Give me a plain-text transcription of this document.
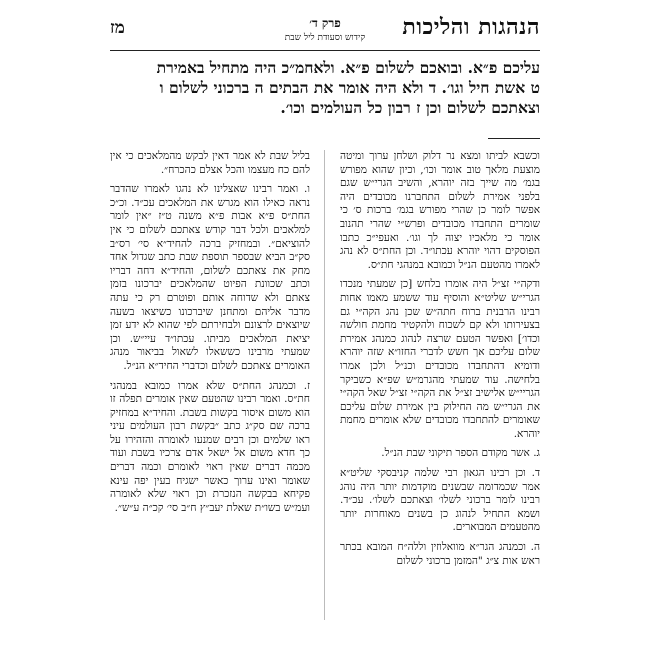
הנהגות והליכות
פרק ד׳
קידוש וסעודת ליל שבת
מז
עליכם פ״א. ובואכם לשלום פ״א. ולאחמ״כ היה מתחיל באמירת
ט אשת חיל וגו׳. ד ולא היה אומר את הבתים ה ברכוני לשלום ו
וצאתכם לשלום וכן ז רבון כל העולמים וכו׳.

וכשבא לביתו ומצא נר דלוק ושלחן ערוך ומיטה מוצעת מלאך טוב אומר וכו׳, וכיון שהוא מפורש בגמ׳ מה שייך בזה יוהרא, והשיב הגרי״ש שגם בלפני אמירת לשלום התחברנו מכובדים היה אפשר לומר כן שהרי מפורש בגמ׳ ברכות ס׳ כי שומרים התחבדו מכובדים ופרש״י שהרי תהנוב אומר כי מלאכיו יצוה לך וגו׳. ואעפי״כ כתבו הפוסקים דהוי יוהרא עכתו״ד. וכן החת״ס לא נהג לאמרו מהטעם הנ״ל וכמובא במנהגי חת״ס.

ודקה״י זצ״ל היה אומרו בלחש [כן שמעתי מנכדו הגרי״ש שליט״א והוסיף עוד ששמע מאמו אחות רבינו הרבנית ברוח חתה״ש שכן נהג הקה״י גם בצעירותו ולא קם לשכוח ולהקטיר מחמת חולשה וכדו׳] ואפשר הטעם שרצה לנהוג כמנהג אמירת שלום עליכם אך חשש לדברי החזו״א שזה יוהרא ודומיא דהתחבדו מכובדים וכנ״ל ולכן אמרו בלחישה. עוד שמעתי מהגרמ״ש שפ״א כשביקר הגריי״ש אלישיב זצ״ל את הקה״י זצ״ל שאל הקה״י את הגרי״ש מה החילוק בין אמירת שלום עליכם שאומרים להתחבדו מכובדים שלא אומרים מחמת יוהרא.

ג. אשר מקודם הספר תיקוני שבת הנ״ל.

ד. וכן רבינו הגאון רבי שלמה קניבסקי שליט״א אמר שכמדומה שבשנים מוקדמות יותר היה נוהג רבינו לומר ברכוני לשלו׳ וצאתכם לשלו׳. עכ״ד. ושמא התחיל לנהוג כן בשנים מאוחרות יותר מהטעמים המבוארים.

ה. וכמנהג הגר״א מוואלוזין וללה״ח המובא בכתר ראש אות צ״ג "המזמן ברכוני לשלום

בליל שבת לא אמר דאין לבקש מהמלאכים כי אין להם כח מעצמו והכל אצלם כהכרח״.

ו. ואמר רבינו שאצלינו לא נהגו לאמרו שהדבר נראה כאילו הוא מגרש את המלאכים עכ״ד. וכ״כ החת״ס פ״א אבות פ״א משנה ט״ז ״אין לומר למלאכים ולכל דבר קודש צאתכם לשלום כי אין להוציאם״. ובמחזיק ברכה להחיד״א סי׳ רס״ב סק״ב הביא שבספר תוספת שבת כתב שגדול אחד מחק את צאתכם לשלום, והחיד״א דחה דבריו וכתב שכוונת הפיוט שהמלאכים יברכונו בזמן צאתם ולא שדוחה אותם ופוטרם רק כי עתה מדבר אליהם ומתחנן שיברכונו כשיצאו בשעה שיוצאים לרצונם ולבחירתם לפי שהוא לא ידע זמן יציאת המלאכים מביתו. עכתו״ד עיי״ש. וכן שמעתי מרבינו כששאלו לשאול בביאור מנהג האומרים צאתכם לשלום וכדברי החיד״א הנ״ל.

ז. וכמנהג החת״ס שלא אמרו כמובא במנהגי חת״ס. ואמר רבינו שהטעם שאין אומרים תפלה זו הוא משום איסור בקשות בשבת. והחיד״א במחזיק ברכה שם סק״ג כתב ״בקשת רבון העולמים עיני ראו שלמים וכן רבים שמנעו לאומרה והזהירו על כך חדא משום אל ישאל אדם צרכיו בשבת ועוד מכמה דברים שאין ראוי לאומרם וכמה דברים שאומר ואינו ערוך כאשר ישגיח בעין יפה עינא פקיחא בבקשה הנזכרת וכן ראוי שלא לאומרה ועמ״ש בשו״ת שאלת יעב״ץ ח״ב סי׳ קכ״ה ע״ש״.
